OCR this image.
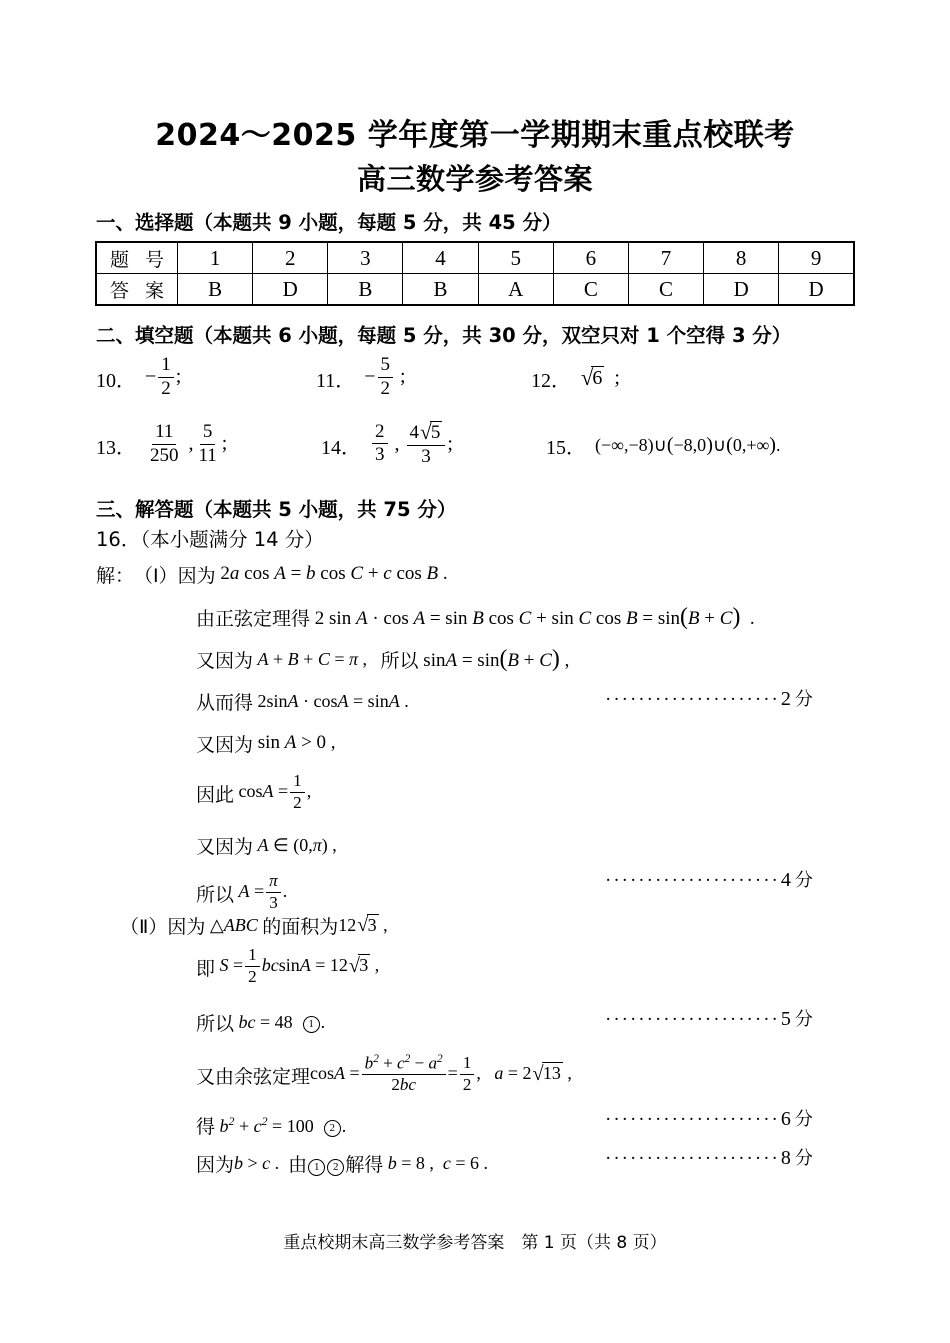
2024～2025 学年度第一学期期末重点校联考
高三数学参考答案
一、选择题（本题共 9 小题，每题 5 分，共 45 分）
题 号	1	2	3	4	5	6	7	8	9
答 案	B	D	B	B	A	C	C	D	D
二、填空题（本题共 6 小题，每题 5 分，共 30 分，双空只对 1 个空得 3 分）
10． − $\frac{1}{2}$ ;	11． − $\frac{5}{2}$ ;	12． √ 6  ;
13． $\frac{11}{250}$ , $\frac{5}{11}$ ;	14． $\frac{2}{3}$ , $\frac{4 √ 5}{3}$ ;	15． (−∞,−8)∪(−8,0)∪(0,+∞).
三、解答题（本题共 5 小题，共 75 分）
16．（本小题满分 14 分）
解： （Ⅰ） 因为 2a cos A = b cos C + c cos B .
由正弦定理得 2 sin A · cos A = sin B cos C + sin C cos B = sin(B + C)  .
又因为 A + B + C = π , 所以 sinA = sin(B + C) ,
从而得 2sinA · cosA = sinA .	····················· 2 分
又因为 sin A > 0 ,
因此 $\cos A = \frac{1}{2}$ ,
又因为 A ∈ (0,π) ,
所以 $A = \frac{\pi}{3}$ .
····················· 4 分
（Ⅱ） 因为 △ABC 的面积为 12 √ 3 ,
即 $S = \frac{1}{2}$ bcsinA = 12 √ 3 ,
所以 bc = 48  1 .	····················· 5 分
又由余弦定理 $\cos A = \frac{b^2 + c^2 - a^2}{2bc} = \frac{1}{2}$ ,   a = 2 √ 13 ,
得 $b^2 + c^2 = 100$  2 .	····················· 6 分
因为 b > c . 由 1 2 解得 b = 8 ,  c = 6 .	····················· 8 分
重点校期末高三数学参考答案　第 1 页（共 8 页）
